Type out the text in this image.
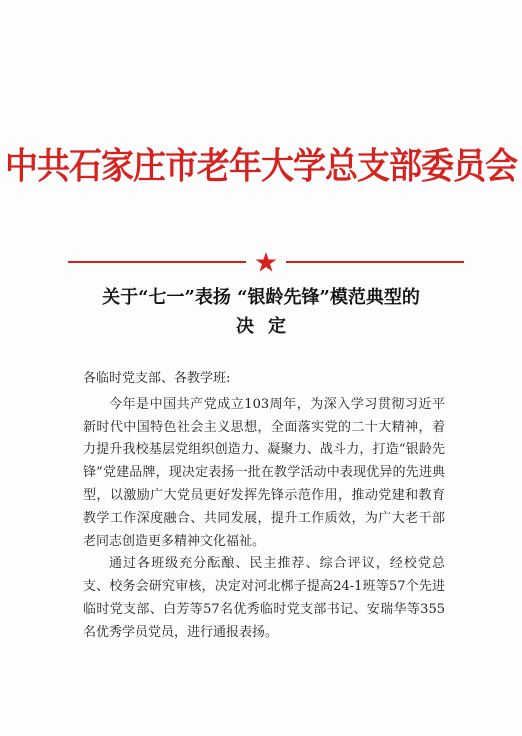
中共石家庄市老年大学总支部委员会
关于“七一”表扬 “银龄先锋”模范典型的
决定

各临时党支部、各教学班:

今年是中国共产党成立103周年，为深入学习贯彻习近平新时代中国特色社会主义思想，全面落实党的二十大精神，着力提升我校基层党组织创造力、凝聚力、战斗力，打造“银龄先锋”党建品牌，现决定表扬一批在教学活动中表现优异的先进典型，以激励广大党员更好发挥先锋示范作用，推动党建和教育教学工作深度融合、共同发展，提升工作质效，为广大老干部老同志创造更多精神文化福祉。

通过各班级充分酝酿、民主推荐、综合评议，经校党总支、校务会研究审核，决定对河北梆子提高24-1班等57个先进临时党支部、白芳等57名优秀临时党支部书记、安瑞华等355名优秀学员党员，进行通报表扬。
